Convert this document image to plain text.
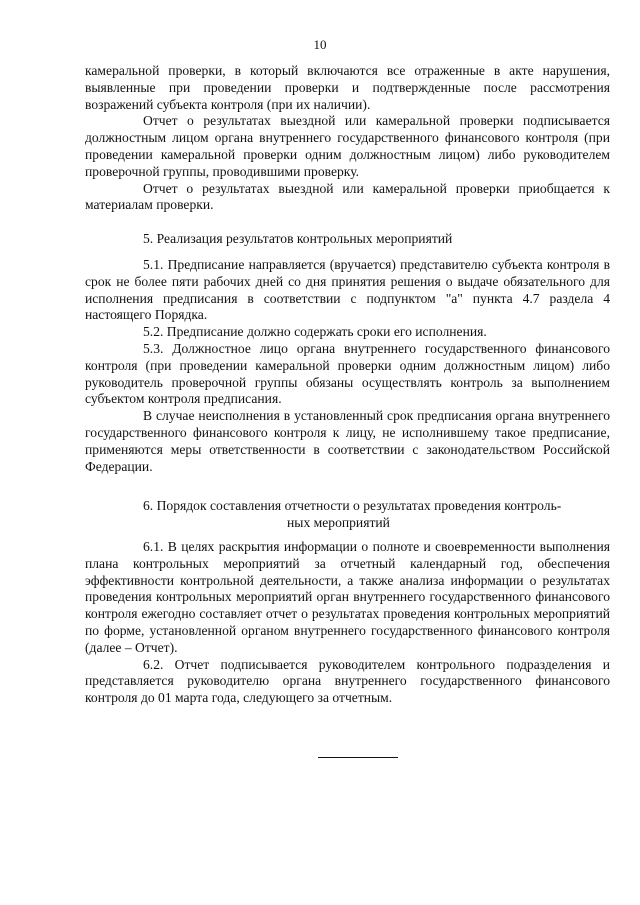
10

камеральной проверки, в который включаются все отраженные в акте нарушения, выявленные при проведении проверки и подтвержденные после рассмотрения возражений субъекта контроля (при их наличии).

Отчет о результатах выездной или камеральной проверки подписывается должностным лицом органа внутреннего государственного финансового контроля (при проведении камеральной проверки одним должностным лицом) либо руководителем проверочной группы, проводившими проверку.

Отчет о результатах выездной или камеральной проверки приобщается к материалам проверки.

5. Реализация результатов контрольных мероприятий

5.1. Предписание направляется (вручается) представителю субъекта контроля в срок не более пяти рабочих дней со дня принятия решения о выдаче обязательного для исполнения предписания в соответствии с подпунктом "а" пункта 4.7 раздела 4 настоящего Порядка.

5.2. Предписание должно содержать сроки его исполнения.

5.3. Должностное лицо органа внутреннего государственного финансового контроля (при проведении камеральной проверки одним должностным лицом) либо руководитель проверочной группы обязаны осуществлять контроль за выполнением субъектом контроля предписания.

В случае неисполнения в установленный срок предписания органа внутреннего государственного финансового контроля к лицу, не исполнившему такое предписание, применяются меры ответственности в соответствии с законодательством Российской Федерации.

6. Порядок составления отчетности о результатах проведения контроль-
ных мероприятий

6.1. В целях раскрытия информации о полноте и своевременности выполнения плана контрольных мероприятий за отчетный календарный год, обеспечения эффективности контрольной деятельности, а также анализа информации о результатах проведения контрольных мероприятий орган внутреннего государственного финансового контроля ежегодно составляет отчет о результатах проведения контрольных мероприятий по форме, установленной органом внутреннего государственного финансового контроля (далее – Отчет).

6.2. Отчет подписывается руководителем контрольного подразделения и представляется руководителю органа внутреннего государственного финансового контроля до 01 марта года, следующего за отчетным.
